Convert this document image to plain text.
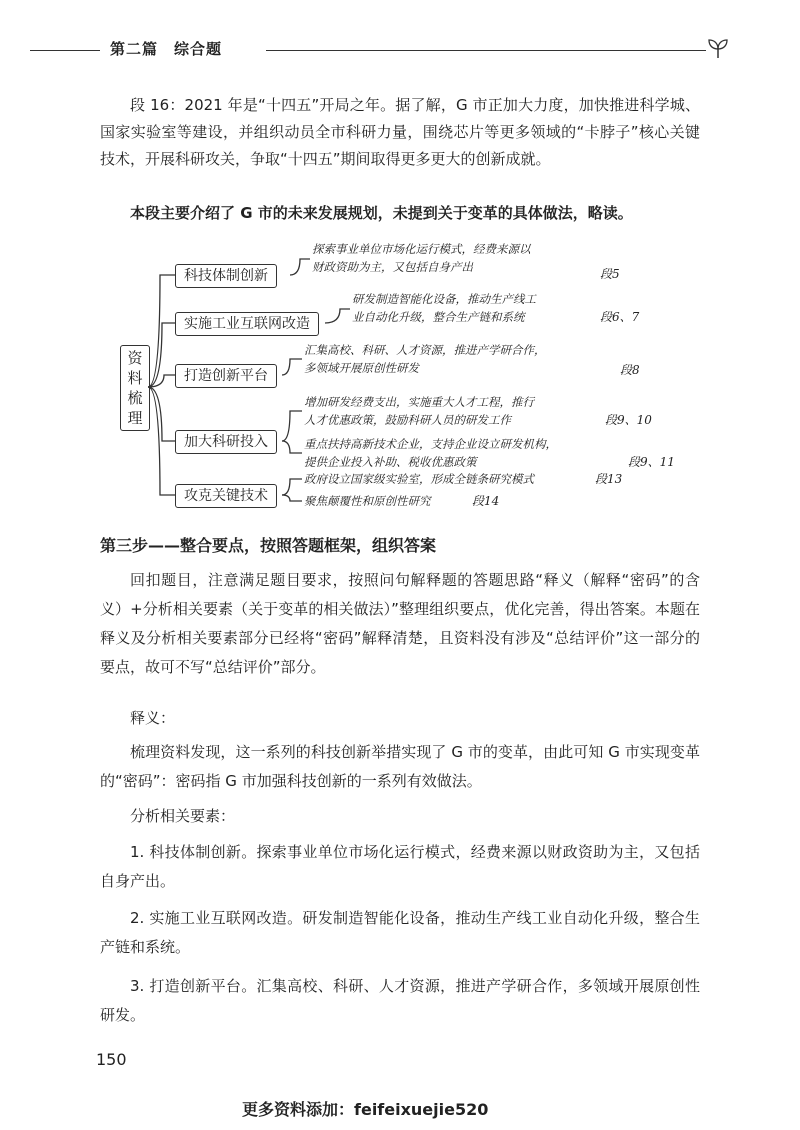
第二篇　综合题
段 16：2021 年是“十四五”开局之年。据了解，G 市正加大力度，加快推进科学城、国家实验室等建设，并组织动员全市科研力量，围绕芯片等更多领域的“卡脖子”核心关键技术，开展科研攻关，争取“十四五”期间取得更多更大的创新成就。
本段主要介绍了 G 市的未来发展规划，未提到关于变革的具体做法，略读。
资料梳理
科技体制创新
探索事业单位市场化运行模式，经费来源以
财政资助为主，又包括自身产出	段5
实施工业互联网改造
研发制造智能化设备，推动生产线工
业自动化升级，整合生产链和系统	段6、7
打造创新平台
汇集高校、科研、人才资源，推进产学研合作，
多领域开展原创性研发	段8
加大科研投入
增加研发经费支出，实施重大人才工程，推行
人才优惠政策，鼓励科研人员的研发工作	段9、10
重点扶持高新技术企业，支持企业设立研发机构，
提供企业投入补助、税收优惠政策	段9、11
攻克关键技术
政府设立国家级实验室，形成全链条研究模式	段13
聚焦颠覆性和原创性研究	段14
第三步——整合要点，按照答题框架，组织答案
回扣题目，注意满足题目要求，按照问句解释题的答题思路“释义（解释“密码”的含义）+分析相关要素（关于变革的相关做法）”整理组织要点，优化完善，得出答案。本题在释义及分析相关要素部分已经将“密码”解释清楚，且资料没有涉及“总结评价”这一部分的要点，故可不写“总结评价”部分。
释义：
梳理资料发现，这一系列的科技创新举措实现了 G 市的变革，由此可知 G 市实现变革的“密码”：密码指 G 市加强科技创新的一系列有效做法。
分析相关要素：
1. 科技体制创新。探索事业单位市场化运行模式，经费来源以财政资助为主，又包括自身产出。
2. 实施工业互联网改造。研发制造智能化设备，推动生产线工业自动化升级，整合生产链和系统。
3. 打造创新平台。汇集高校、科研、人才资源，推进产学研合作，多领域开展原创性研发。
150
更多资料添加：feifeixuejie520
